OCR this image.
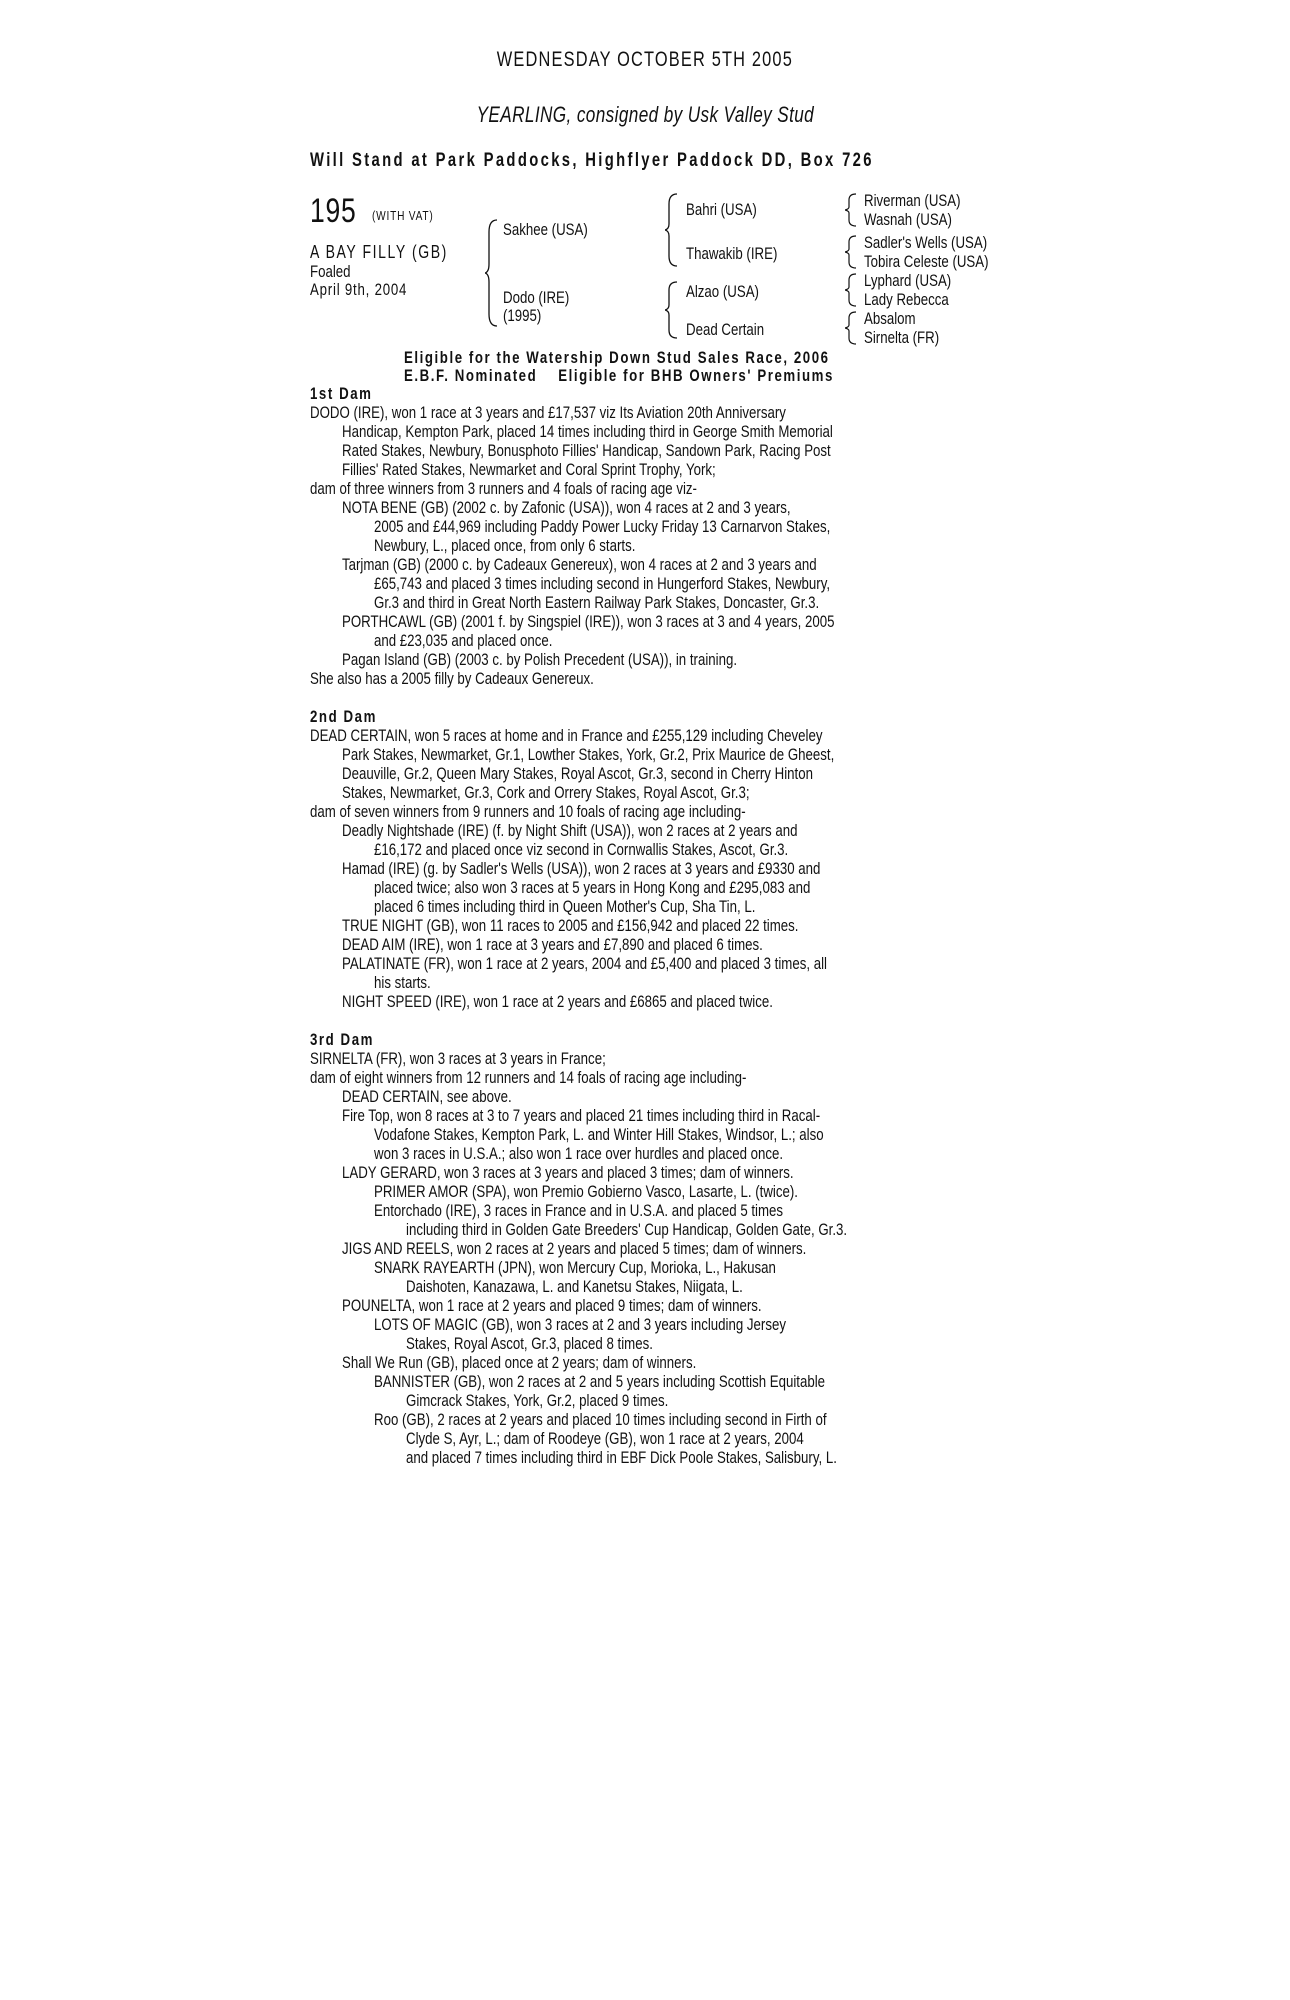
WEDNESDAY OCTOBER 5TH 2005
YEARLING, consigned by Usk Valley Stud
Will Stand at Park Paddocks, Highflyer Paddock DD, Box 726
195	(WITH VAT)
A BAY FILLY (GB)
Foaled
April 9th, 2004
Sakhee (USA)
Dodo (IRE)
(1995)
Bahri (USA)
Thawakib (IRE)
Alzao (USA)
Dead Certain
Riverman (USA)
Wasnah (USA)
Sadler's Wells (USA)
Tobira Celeste (USA)
Lyphard (USA)
Lady Rebecca
Absalom
Sirnelta (FR)
Eligible for the Watership Down Stud Sales Race, 2006
E.B.F. Nominated    Eligible for BHB Owners' Premiums
1st Dam
DODO (IRE), won 1 race at 3 years and £17,537 viz Its Aviation 20th Anniversary
Handicap, Kempton Park, placed 14 times including third in George Smith Memorial
Rated Stakes, Newbury, Bonusphoto Fillies' Handicap, Sandown Park, Racing Post
Fillies' Rated Stakes, Newmarket and Coral Sprint Trophy, York;
dam of three winners from 3 runners and 4 foals of racing age viz-
NOTA BENE (GB) (2002 c. by Zafonic (USA)), won 4 races at 2 and 3 years,
2005 and £44,969 including Paddy Power Lucky Friday 13 Carnarvon Stakes,
Newbury, L., placed once, from only 6 starts.
Tarjman (GB) (2000 c. by Cadeaux Genereux), won 4 races at 2 and 3 years and
£65,743 and placed 3 times including second in Hungerford Stakes, Newbury,
Gr.3 and third in Great North Eastern Railway Park Stakes, Doncaster, Gr.3.
PORTHCAWL (GB) (2001 f. by Singspiel (IRE)), won 3 races at 3 and 4 years, 2005
and £23,035 and placed once.
Pagan Island (GB) (2003 c. by Polish Precedent (USA)), in training.
She also has a 2005 filly by Cadeaux Genereux.
2nd Dam
DEAD CERTAIN, won 5 races at home and in France and £255,129 including Cheveley
Park Stakes, Newmarket, Gr.1, Lowther Stakes, York, Gr.2, Prix Maurice de Gheest,
Deauville, Gr.2, Queen Mary Stakes, Royal Ascot, Gr.3, second in Cherry Hinton
Stakes, Newmarket, Gr.3, Cork and Orrery Stakes, Royal Ascot, Gr.3;
dam of seven winners from 9 runners and 10 foals of racing age including-
Deadly Nightshade (IRE) (f. by Night Shift (USA)), won 2 races at 2 years and
£16,172 and placed once viz second in Cornwallis Stakes, Ascot, Gr.3.
Hamad (IRE) (g. by Sadler's Wells (USA)), won 2 races at 3 years and £9330 and
placed twice; also won 3 races at 5 years in Hong Kong and £295,083 and
placed 6 times including third in Queen Mother's Cup, Sha Tin, L.
TRUE NIGHT (GB), won 11 races to 2005 and £156,942 and placed 22 times.
DEAD AIM (IRE), won 1 race at 3 years and £7,890 and placed 6 times.
PALATINATE (FR), won 1 race at 2 years, 2004 and £5,400 and placed 3 times, all
his starts.
NIGHT SPEED (IRE), won 1 race at 2 years and £6865 and placed twice.
3rd Dam
SIRNELTA (FR), won 3 races at 3 years in France;
dam of eight winners from 12 runners and 14 foals of racing age including-
DEAD CERTAIN, see above.
Fire Top, won 8 races at 3 to 7 years and placed 21 times including third in Racal-
Vodafone Stakes, Kempton Park, L. and Winter Hill Stakes, Windsor, L.; also
won 3 races in U.S.A.; also won 1 race over hurdles and placed once.
LADY GERARD, won 3 races at 3 years and placed 3 times; dam of winners.
PRIMER AMOR (SPA), won Premio Gobierno Vasco, Lasarte, L. (twice).
Entorchado (IRE), 3 races in France and in U.S.A. and placed 5 times
including third in Golden Gate Breeders' Cup Handicap, Golden Gate, Gr.3.
JIGS AND REELS, won 2 races at 2 years and placed 5 times; dam of winners.
SNARK RAYEARTH (JPN), won Mercury Cup, Morioka, L., Hakusan
Daishoten, Kanazawa, L. and Kanetsu Stakes, Niigata, L.
POUNELTA, won 1 race at 2 years and placed 9 times; dam of winners.
LOTS OF MAGIC (GB), won 3 races at 2 and 3 years including Jersey
Stakes, Royal Ascot, Gr.3, placed 8 times.
Shall We Run (GB), placed once at 2 years; dam of winners.
BANNISTER (GB), won 2 races at 2 and 5 years including Scottish Equitable
Gimcrack Stakes, York, Gr.2, placed 9 times.
Roo (GB), 2 races at 2 years and placed 10 times including second in Firth of
Clyde S, Ayr, L.; dam of Roodeye (GB), won 1 race at 2 years, 2004
and placed 7 times including third in EBF Dick Poole Stakes, Salisbury, L.
